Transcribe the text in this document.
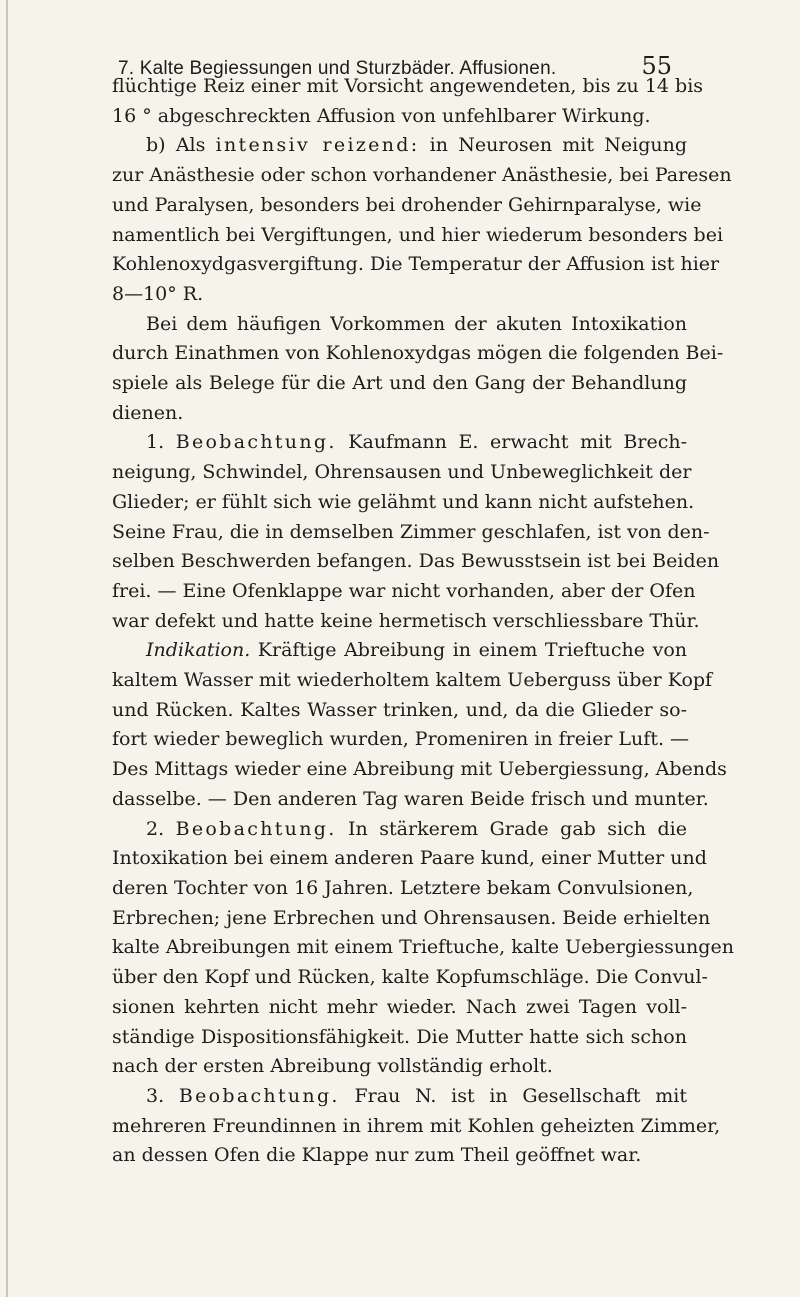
7. Kalte Begiessungen und Sturzbäder. Affusionen.	55
flüchtige Reiz einer mit Vorsicht angewendeten, bis zu 14 bis
16 ° abgeschreckten Affusion von unfehlbarer Wirkung.
b) Als intensiv reizend: in Neurosen mit Neigung
zur Anästhesie oder schon vorhandener Anästhesie, bei Paresen
und Paralysen, besonders bei drohender Gehirnparalyse, wie
namentlich bei Vergiftungen, und hier wiederum besonders bei
Kohlenoxydgasvergiftung. Die Temperatur der Affusion ist hier
8—10° R.
Bei dem häufigen Vorkommen der akuten Intoxikation
durch Einathmen von Kohlenoxydgas mögen die folgenden Bei-
spiele als Belege für die Art und den Gang der Behandlung
dienen.
1. Beobachtung. Kaufmann E. erwacht mit Brech-
neigung, Schwindel, Ohrensausen und Unbeweglichkeit der
Glieder; er fühlt sich wie gelähmt und kann nicht aufstehen.
Seine Frau, die in demselben Zimmer geschlafen, ist von den-
selben Beschwerden befangen. Das Bewusstsein ist bei Beiden
frei. — Eine Ofenklappe war nicht vorhanden, aber der Ofen
war defekt und hatte keine hermetisch verschliessbare Thür.
Indikation. Kräftige Abreibung in einem Trieftuche von
kaltem Wasser mit wiederholtem kaltem Ueberguss über Kopf
und Rücken. Kaltes Wasser trinken, und, da die Glieder so-
fort wieder beweglich wurden, Promeniren in freier Luft. —
Des Mittags wieder eine Abreibung mit Uebergiessung, Abends
dasselbe. — Den anderen Tag waren Beide frisch und munter.
2. Beobachtung. In stärkerem Grade gab sich die
Intoxikation bei einem anderen Paare kund, einer Mutter und
deren Tochter von 16 Jahren. Letztere bekam Convulsionen,
Erbrechen; jene Erbrechen und Ohrensausen. Beide erhielten
kalte Abreibungen mit einem Trieftuche, kalte Uebergiessungen
über den Kopf und Rücken, kalte Kopfumschläge. Die Convul-
sionen kehrten nicht mehr wieder. Nach zwei Tagen voll-
ständige Dispositionsfähigkeit. Die Mutter hatte sich schon
nach der ersten Abreibung vollständig erholt.
3. Beobachtung. Frau N. ist in Gesellschaft mit
mehreren Freundinnen in ihrem mit Kohlen geheizten Zimmer,
an dessen Ofen die Klappe nur zum Theil geöffnet war.
